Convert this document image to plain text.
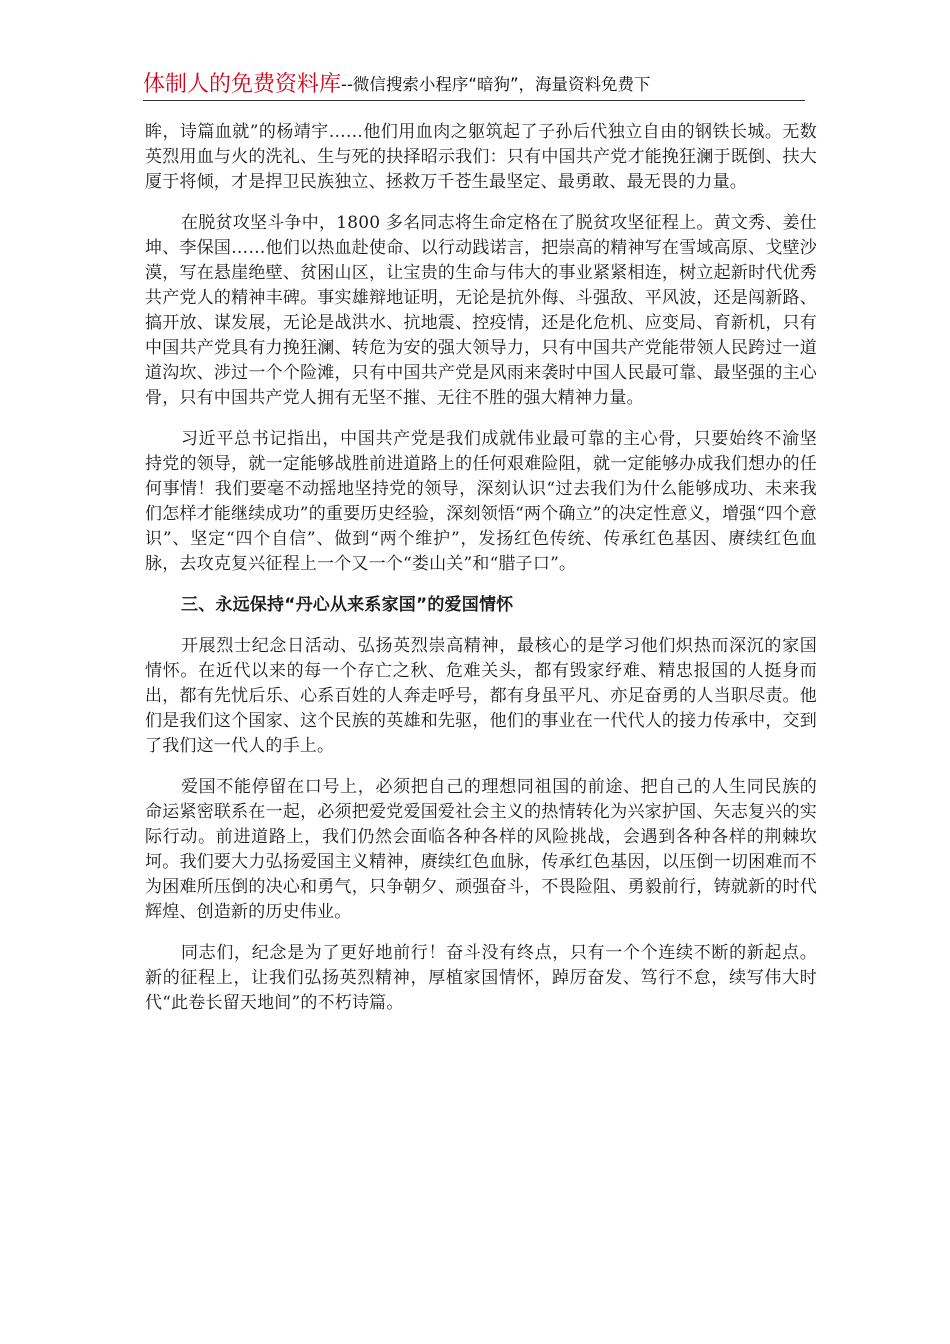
体制人的免费资料库--微信搜索小程序“暗狗”，海量资料免费下

眸，诗篇血就”的杨靖宇……他们用血肉之躯筑起了子孙后代独立自由的钢铁长城。无数英烈用血与火的洗礼、生与死的抉择昭示我们：只有中国共产党才能挽狂澜于既倒、扶大厦于将倾，才是捍卫民族独立、拯救万千苍生最坚定、最勇敢、最无畏的力量。

在脱贫攻坚斗争中，1800 多名同志将生命定格在了脱贫攻坚征程上。黄文秀、姜仕坤、李保国……他们以热血赴使命、以行动践诺言，把崇高的精神写在雪域高原、戈壁沙漠，写在悬崖绝壁、贫困山区，让宝贵的生命与伟大的事业紧紧相连，树立起新时代优秀共产党人的精神丰碑。事实雄辩地证明，无论是抗外侮、斗强敌、平风波，还是闯新路、搞开放、谋发展，无论是战洪水、抗地震、控疫情，还是化危机、应变局、育新机，只有中国共产党具有力挽狂澜、转危为安的强大领导力，只有中国共产党能带领人民跨过一道道沟坎、涉过一个个险滩，只有中国共产党是风雨来袭时中国人民最可靠、最坚强的主心骨，只有中国共产党人拥有无坚不摧、无往不胜的强大精神力量。

习近平总书记指出，中国共产党是我们成就伟业最可靠的主心骨，只要始终不渝坚持党的领导，就一定能够战胜前进道路上的任何艰难险阻，就一定能够办成我们想办的任何事情！我们要毫不动摇地坚持党的领导，深刻认识“过去我们为什么能够成功、未来我们怎样才能继续成功”的重要历史经验，深刻领悟“两个确立”的决定性意义，增强“四个意识”、坚定“四个自信”、做到“两个维护”，发扬红色传统、传承红色基因、赓续红色血脉，去攻克复兴征程上一个又一个“娄山关”和“腊子口”。

三、永远保持“丹心从来系家国”的爱国情怀

开展烈士纪念日活动、弘扬英烈崇高精神，最核心的是学习他们炽热而深沉的家国情怀。在近代以来的每一个存亡之秋、危难关头，都有毁家纾难、精忠报国的人挺身而出，都有先忧后乐、心系百姓的人奔走呼号，都有身虽平凡、亦足奋勇的人当职尽责。他们是我们这个国家、这个民族的英雄和先驱，他们的事业在一代代人的接力传承中，交到了我们这一代人的手上。

爱国不能停留在口号上，必须把自己的理想同祖国的前途、把自己的人生同民族的命运紧密联系在一起，必须把爱党爱国爱社会主义的热情转化为兴家护国、矢志复兴的实际行动。前进道路上，我们仍然会面临各种各样的风险挑战，会遇到各种各样的荆棘坎坷。我们要大力弘扬爱国主义精神，赓续红色血脉，传承红色基因，以压倒一切困难而不为困难所压倒的决心和勇气，只争朝夕、顽强奋斗，不畏险阻、勇毅前行，铸就新的时代辉煌、创造新的历史伟业。

同志们，纪念是为了更好地前行！奋斗没有终点，只有一个个连续不断的新起点。新的征程上，让我们弘扬英烈精神，厚植家国情怀，踔厉奋发、笃行不怠，续写伟大时代“此卷长留天地间”的不朽诗篇。
